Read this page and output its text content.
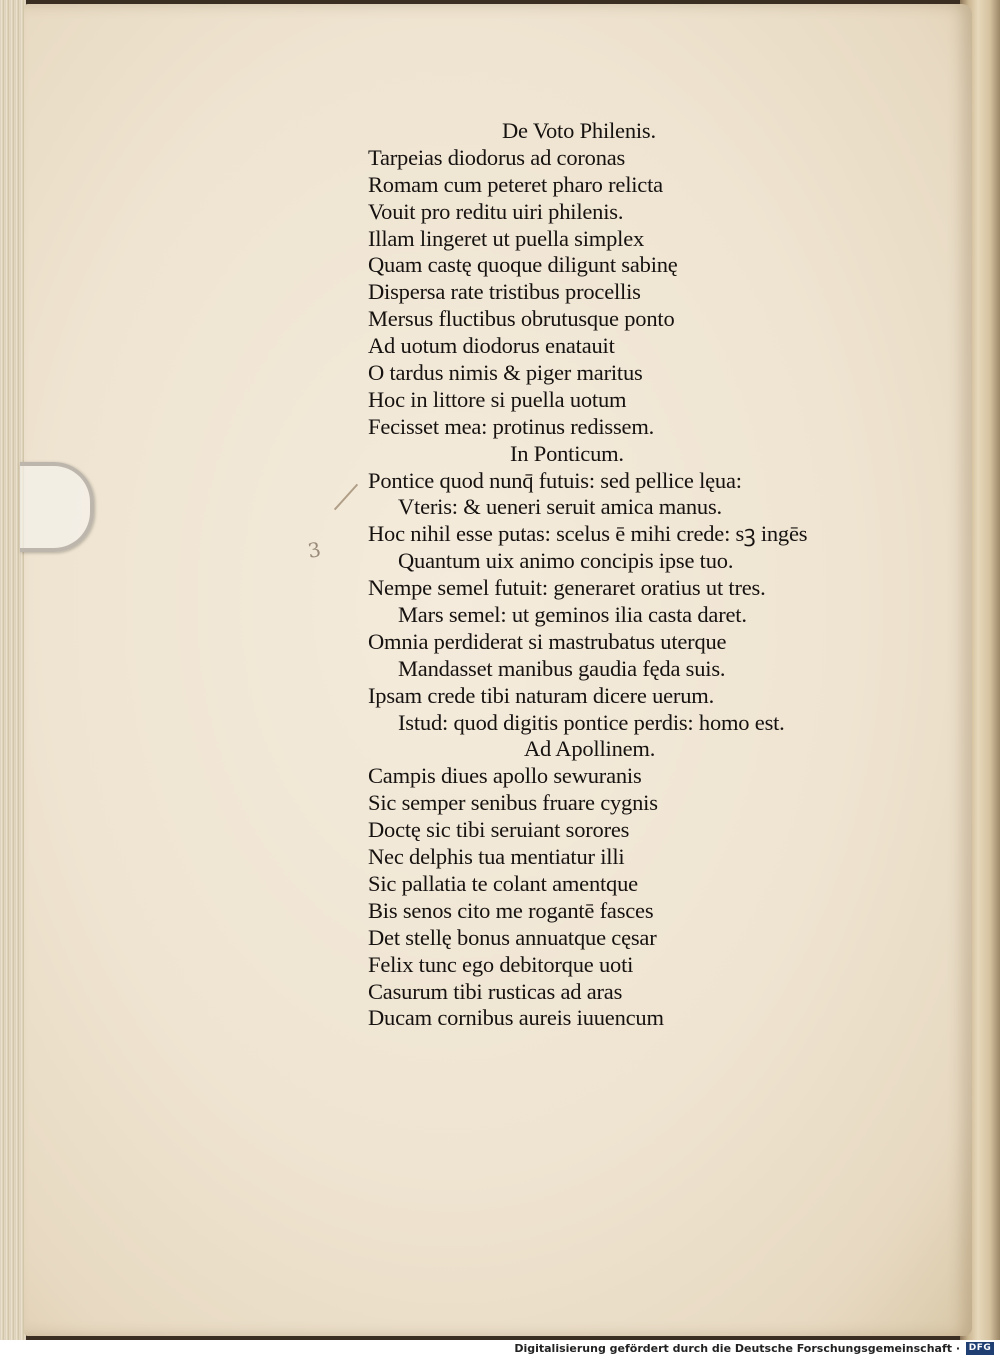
3
De Voto Philenis.
Tarpeias diodorus ad coronas
Romam cum peteret pharo relicta
Vouit pro reditu uiri philenis.
Illam lingeret ut puella simplex
Quam castę quoque diligunt sabinę
Dispersa rate tristibus procellis
Mersus fluctibus obrutusque ponto
Ad uotum diodorus enatauit
O tardus nimis & piger maritus
Hoc in littore si puella uotum
Fecisset mea: protinus redissem.
In Ponticum.
Pontice quod nunq̄ futuis: sed pellice lęua:
Vteris: & ueneri seruit amica manus.
Hoc nihil esse putas: scelus ē mihi crede: sꝫ ingēs
Quantum uix animo concipis ipse tuo.
Nempe semel futuit: generaret oratius ut tres.
Mars semel: ut geminos ilia casta daret.
Omnia perdiderat si mastrubatus uterque
Mandasset manibus gaudia fęda suis.
Ipsam crede tibi naturam dicere uerum.
Istud: quod digitis pontice perdis: homo est.
Ad Apollinem.
Campis diues apollo sewuranis
Sic semper senibus fruare cygnis
Doctę sic tibi seruiant sorores
Nec delphis tua mentiatur illi
Sic pallatia te colant amentque
Bis senos cito me rogantē fasces
Det stellę bonus annuatque cęsar
Felix tunc ego debitorque uoti
Casurum tibi rusticas ad aras
Ducam cornibus aureis iuuencum
Digitalisierung gefördert durch die Deutsche Forschungsgemeinschaft · DFG
